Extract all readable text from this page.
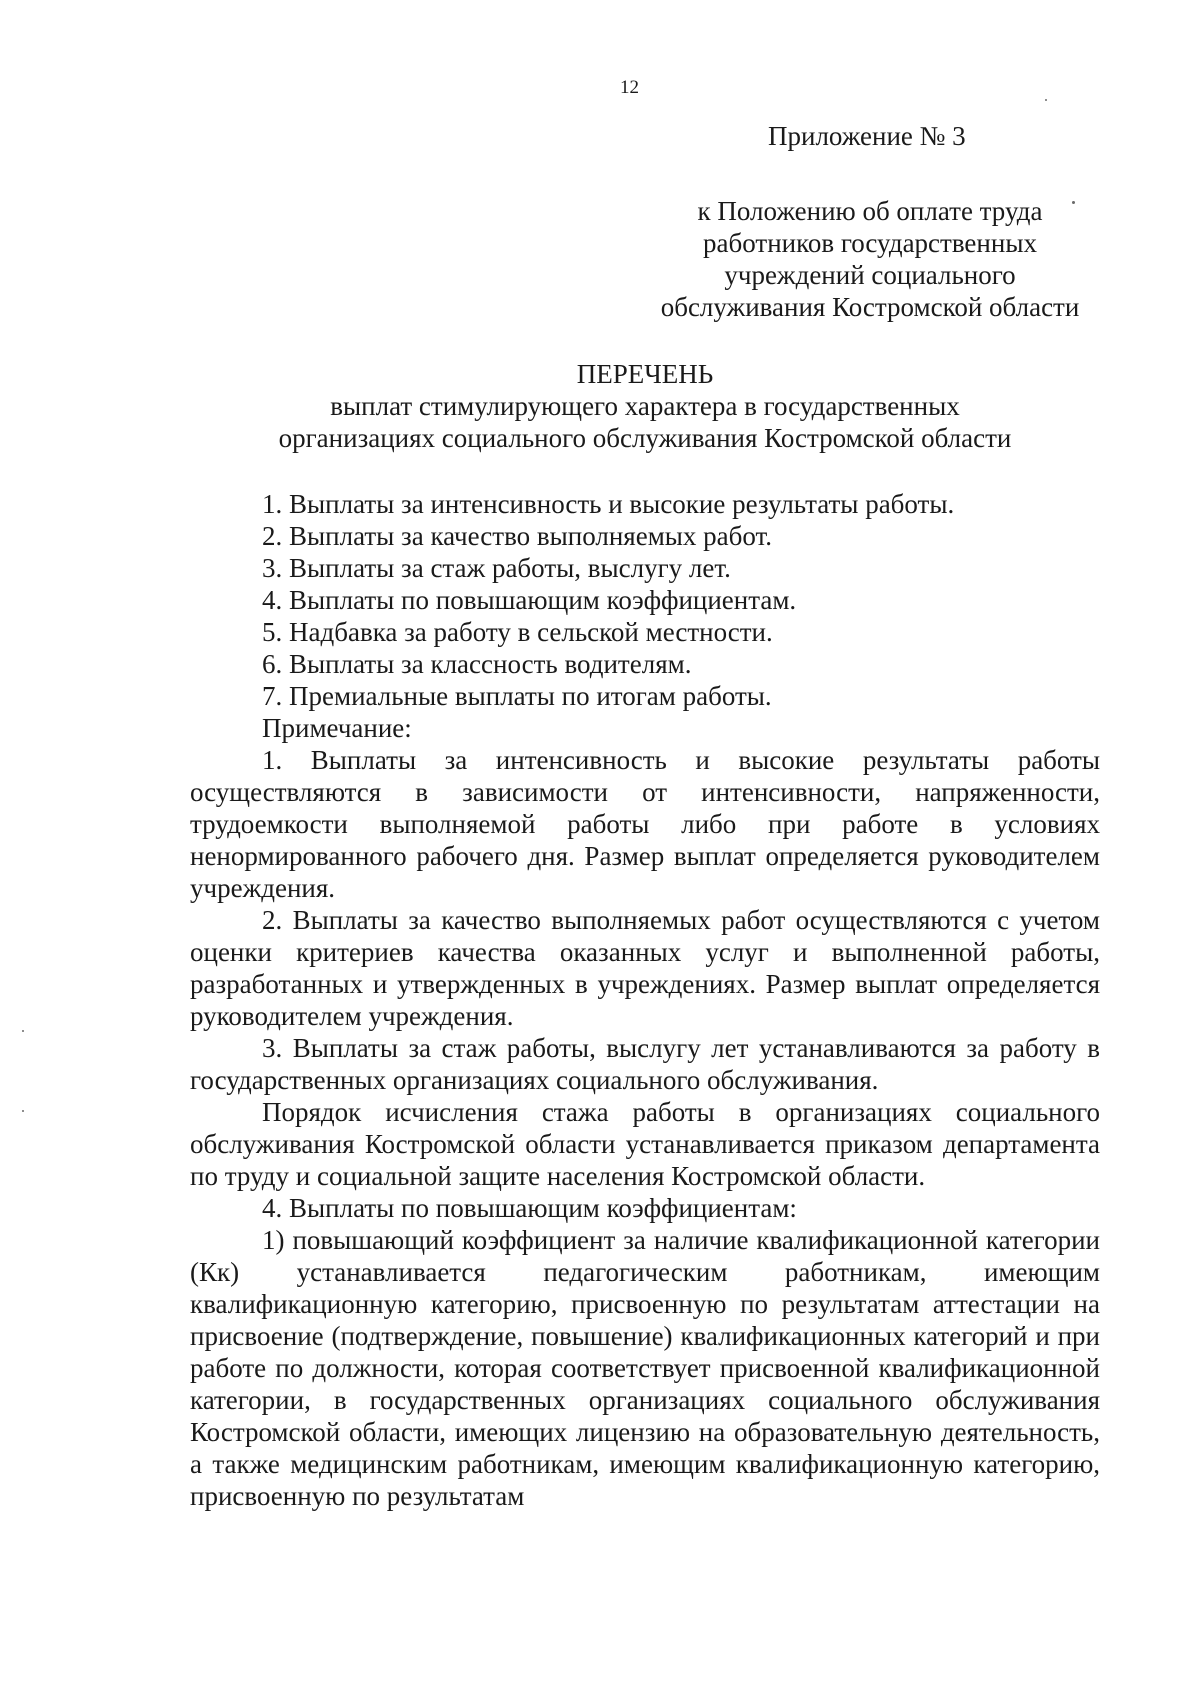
12
Приложение № 3
к Положению об оплате труда
работников государственных
учреждений социального
обслуживания Костромской области
ПЕРЕЧЕНЬ
выплат стимулирующего характера в государственных
организациях социального обслуживания Костромской области
1. Выплаты за интенсивность и высокие результаты работы.
2. Выплаты за качество выполняемых работ.
3. Выплаты за стаж работы, выслугу лет.
4. Выплаты по повышающим коэффициентам.
5. Надбавка за работу в сельской местности.
6. Выплаты за классность водителям.
7. Премиальные выплаты по итогам работы.
Примечание:

1. Выплаты за интенсивность и высокие результаты работы осуществляются в зависимости от интенсивности, напряженности, трудоемкости выполняемой работы либо при работе в условиях ненормированного рабочего дня. Размер выплат определяется руководителем учреждения.

2. Выплаты за качество выполняемых работ осуществляются с учетом оценки критериев качества оказанных услуг и выполненной работы, разработанных и утвержденных в учреждениях. Размер выплат определяется руководителем учреждения.

3. Выплаты за стаж работы, выслугу лет устанавливаются за работу в государственных организациях социального обслуживания.

Порядок исчисления стажа работы в организациях социального обслуживания Костромской области устанавливается приказом департамента по труду и социальной защите населения Костромской области.

4. Выплаты по повышающим коэффициентам:

1) повышающий коэффициент за наличие квалификационной категории (Кк) устанавливается педагогическим работникам, имеющим квалификационную категорию, присвоенную по результатам аттестации на присвоение (подтверждение, повышение) квалификационных категорий и при работе по должности, которая соответствует присвоенной квалификационной категории, в государственных организациях социального обслуживания Костромской области, имеющих лицензию на образовательную деятельность, а также медицинским работникам, имеющим квалификационную категорию, присвоенную по результатам
